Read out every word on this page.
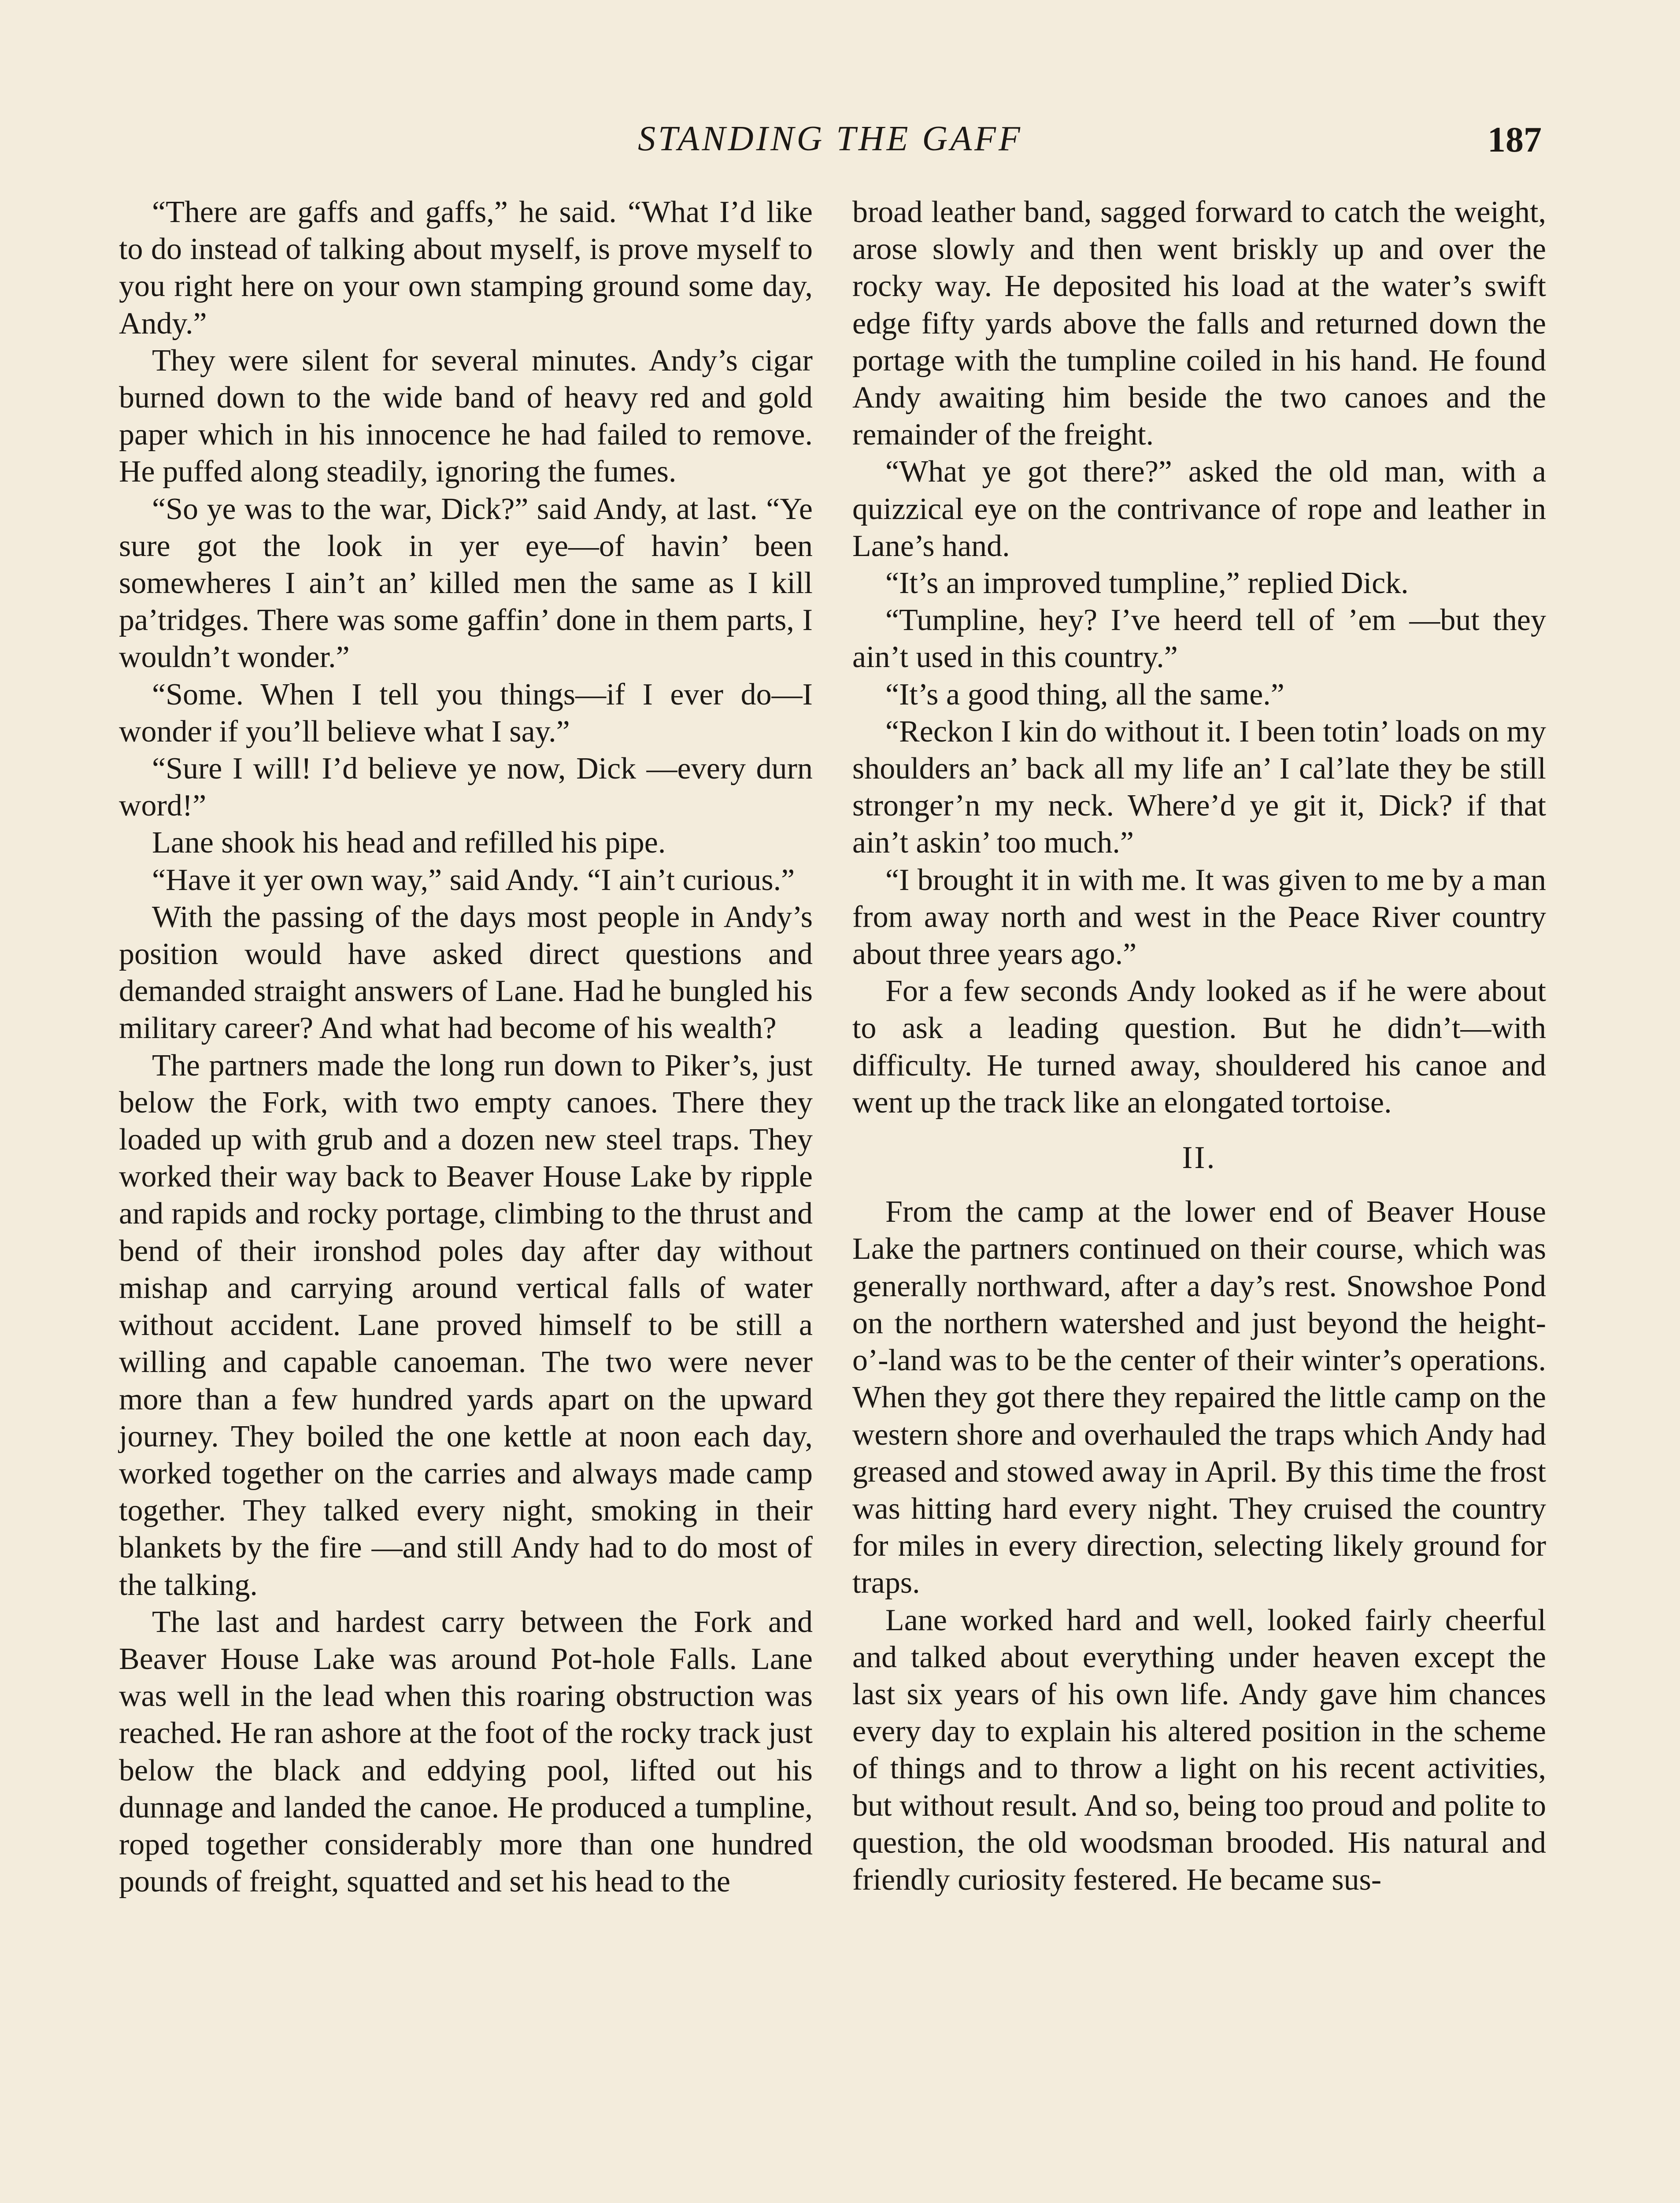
STANDING THE GAFF	187

“There are gaffs and gaffs,” he said. “What I’d like to do instead of talking about myself, is prove myself to you right here on your own stamping ground some day, Andy.”

They were silent for several minutes. Andy’s cigar burned down to the wide band of heavy red and gold paper which in his innocence he had failed to remove. He puffed along steadily, ignoring the fumes.

“So ye was to the war, Dick?” said Andy, at last. “Ye sure got the look in yer eye—of havin’ been somewheres I ain’t an’ killed men the same as I kill pa’tridges. There was some gaffin’ done in them parts, I wouldn’t wonder.”

“Some. When I tell you things—if I ever do—I wonder if you’ll believe what I say.”

“Sure I will! I’d believe ye now, Dick —every durn word!”

Lane shook his head and refilled his pipe.

“Have it yer own way,” said Andy. “I ain’t curious.”

With the passing of the days most people in Andy’s position would have asked direct questions and demanded straight answers of Lane. Had he bungled his military career? And what had become of his wealth?

The partners made the long run down to Piker’s, just below the Fork, with two empty canoes. There they loaded up with grub and a dozen new steel traps. They worked their way back to Beaver House Lake by ripple and rapids and rocky portage, climbing to the thrust and bend of their ironshod poles day after day without mishap and carrying around vertical falls of water without accident. Lane proved himself to be still a willing and capable canoeman. The two were never more than a few hundred yards apart on the upward journey. They boiled the one kettle at noon each day, worked together on the carries and always made camp together. They talked every night, smoking in their blankets by the fire —and still Andy had to do most of the talking.

The last and hardest carry between the Fork and Beaver House Lake was around Pot-hole Falls. Lane was well in the lead when this roaring obstruction was reached. He ran ashore at the foot of the rocky track just below the black and eddying pool, lifted out his dunnage and landed the canoe. He produced a tumpline, roped together considerably more than one hundred pounds of freight, squatted and set his head to the

broad leather band, sagged forward to catch the weight, arose slowly and then went briskly up and over the rocky way. He deposited his load at the water’s swift edge fifty yards above the falls and returned down the portage with the tumpline coiled in his hand. He found Andy awaiting him beside the two canoes and the remainder of the freight.

“What ye got there?” asked the old man, with a quizzical eye on the contrivance of rope and leather in Lane’s hand.

“It’s an improved tumpline,” replied Dick.

“Tumpline, hey? I’ve heerd tell of ’em —but they ain’t used in this country.”

“It’s a good thing, all the same.”

“Reckon I kin do without it. I been totin’ loads on my shoulders an’ back all my life an’ I cal’late they be still stronger’n my neck. Where’d ye git it, Dick? if that ain’t askin’ too much.”

“I brought it in with me. It was given to me by a man from away north and west in the Peace River country about three years ago.”

For a few seconds Andy looked as if he were about to ask a leading question. But he didn’t—with difficulty. He turned away, shouldered his canoe and went up the track like an elongated tortoise.

II.

From the camp at the lower end of Beaver House Lake the partners continued on their course, which was generally northward, after a day’s rest. Snowshoe Pond on the northern watershed and just beyond the height-o’-land was to be the center of their winter’s operations. When they got there they repaired the little camp on the western shore and overhauled the traps which Andy had greased and stowed away in April. By this time the frost was hitting hard every night. They cruised the country for miles in every direction, selecting likely ground for traps.

Lane worked hard and well, looked fairly cheerful and talked about everything under heaven except the last six years of his own life. Andy gave him chances every day to explain his altered position in the scheme of things and to throw a light on his recent activities, but without result. And so, being too proud and polite to question, the old woodsman brooded. His natural and friendly curiosity festered. He became sus-
